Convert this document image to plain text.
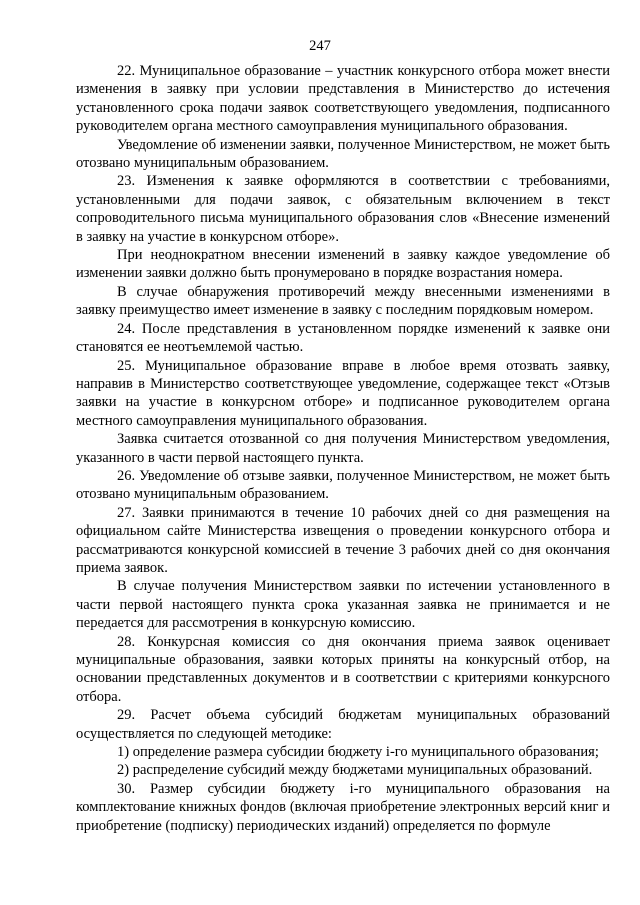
247

22. Муниципальное образование – участник конкурсного отбора может внести изменения в заявку при условии представления в Министерство до истечения установленного срока подачи заявок соответствующего уведомления, подписанного руководителем органа местного самоуправления муниципального образования.

Уведомление об изменении заявки, полученное Министерством, не может быть отозвано муниципальным образованием.

23. Изменения к заявке оформляются в соответствии с требованиями, установленными для подачи заявок, с обязательным включением в текст сопроводительного письма муниципального образования слов «Внесение изменений в заявку на участие в конкурсном отборе».

При неоднократном внесении изменений в заявку каждое уведомление об изменении заявки должно быть пронумеровано в порядке возрастания номера.

В случае обнаружения противоречий между внесенными изменениями в заявку преимущество имеет изменение в заявку с последним порядковым номером.

24. После представления в установленном порядке изменений к заявке они становятся ее неотъемлемой частью.

25. Муниципальное образование вправе в любое время отозвать заявку, направив в Министерство соответствующее уведомление, содержащее текст «Отзыв заявки на участие в конкурсном отборе» и подписанное руководителем органа местного самоуправления муниципального образования.

Заявка считается отозванной со дня получения Министерством уведомления, указанного в части первой настоящего пункта.

26. Уведомление об отзыве заявки, полученное Министерством, не может быть отозвано муниципальным образованием.

27. Заявки принимаются в течение 10 рабочих дней со дня размещения на официальном сайте Министерства извещения о проведении конкурсного отбора и рассматриваются конкурсной комиссией в течение 3 рабочих дней со дня окончания приема заявок.

В случае получения Министерством заявки по истечении установленного в части первой настоящего пункта срока указанная заявка не принимается и не передается для рассмотрения в конкурсную комиссию.

28. Конкурсная комиссия со дня окончания приема заявок оценивает муниципальные образования, заявки которых приняты на конкурсный отбор, на основании представленных документов и в соответствии с критериями конкурсного отбора.

29. Расчет объема субсидий бюджетам муниципальных образований осуществляется по следующей методике:

1) определение размера субсидии бюджету i-го муниципального образования;

2) распределение субсидий между бюджетами муниципальных образований.

30. Размер субсидии бюджету i-го муниципального образования на комплектование книжных фондов (включая приобретение электронных версий книг и приобретение (подписку) периодических изданий) определяется по формуле
